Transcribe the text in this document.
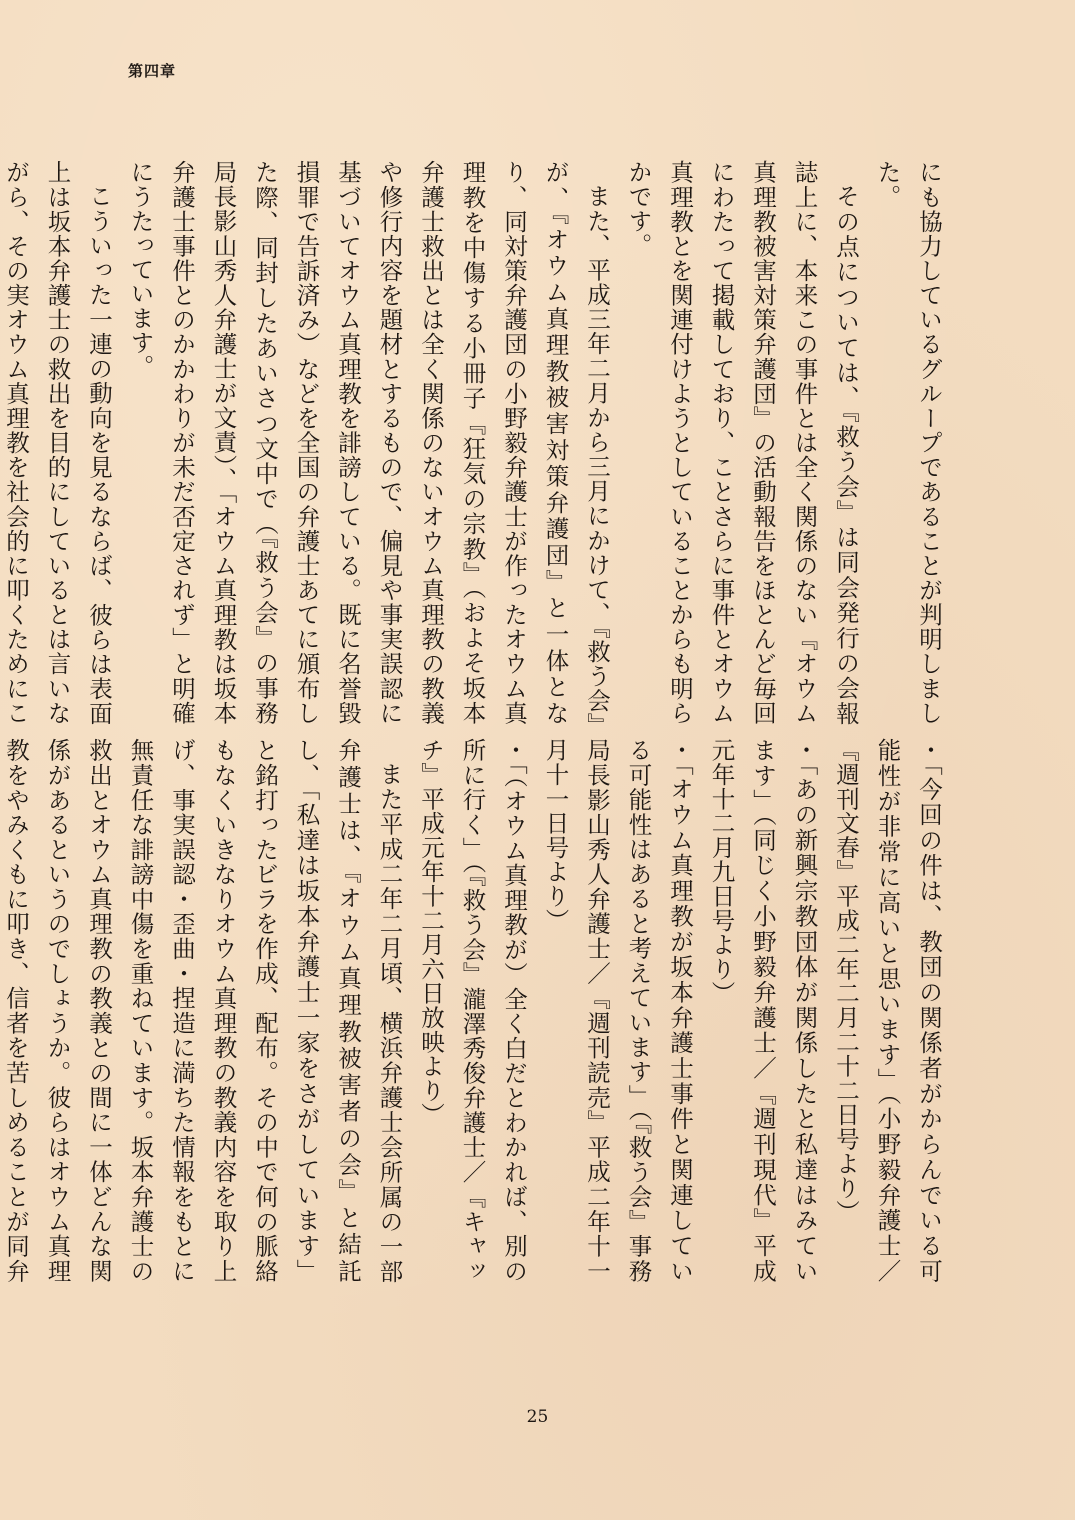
第四章

にも協力しているグループであることが判明しました。

その点については、『救う会』は同会発行の会報誌上に、本来この事件とは全く関係のない『オウム真理教被害対策弁護団』の活動報告をほとんど毎回にわたって掲載しており、ことさらに事件とオウム真理教とを関連付けようとしていることからも明らかです。

また、平成三年二月から三月にかけて、『救う会』が、『オウム真理教被害対策弁護団』と一体となり、同対策弁護団の小野毅弁護士が作ったオウム真理教を中傷する小冊子『狂気の宗教』（およそ坂本弁護士救出とは全く関係のないオウム真理教の教義や修行内容を題材とするもので、偏見や事実誤認に基づいてオウム真理教を誹謗している。既に名誉毀損罪で告訴済み）などを全国の弁護士あてに頒布した際、同封したあいさつ文中で（『救う会』の事務局長影山秀人弁護士が文責）、「オウム真理教は坂本弁護士事件とのかかわりが未だ否定されず」と明確にうたっています。

こういった一連の動向を見るならば、彼らは表面上は坂本弁護士の救出を目的にしているとは言いながら、その実オウム真理教を社会的に叩くためにこ

・「今回の件は、教団の関係者がからんでいる可能性が非常に高いと思います」（小野毅弁護士／『週刊文春』平成二年二月二十二日号より）

・「あの新興宗教団体が関係したと私達はみています」（同じく小野毅弁護士／『週刊現代』平成元年十二月九日号より）

・「オウム真理教が坂本弁護士事件と関連している可能性はあると考えています」（『救う会』事務局長影山秀人弁護士／『週刊読売』平成二年十一月十一日号より）

・「（オウム真理教が）全く白だとわかれば、別の所に行く」（『救う会』瀧澤秀俊弁護士／『キャッチ』平成元年十二月六日放映より）

また平成二年二月頃、横浜弁護士会所属の一部弁護士は、『オウム真理教被害者の会』と結託し、「私達は坂本弁護士一家をさがしています」と銘打ったビラを作成、配布。その中で何の脈絡もなくいきなりオウム真理教の教義内容を取り上げ、事実誤認・歪曲・捏造に満ちた情報をもとに無責任な誹謗中傷を重ねています。坂本弁護士の救出とオウム真理教の教義との間に一体どんな関係があるというのでしょうか。彼らはオウム真理教をやみくもに叩き、信者を苦しめることが同弁

25
